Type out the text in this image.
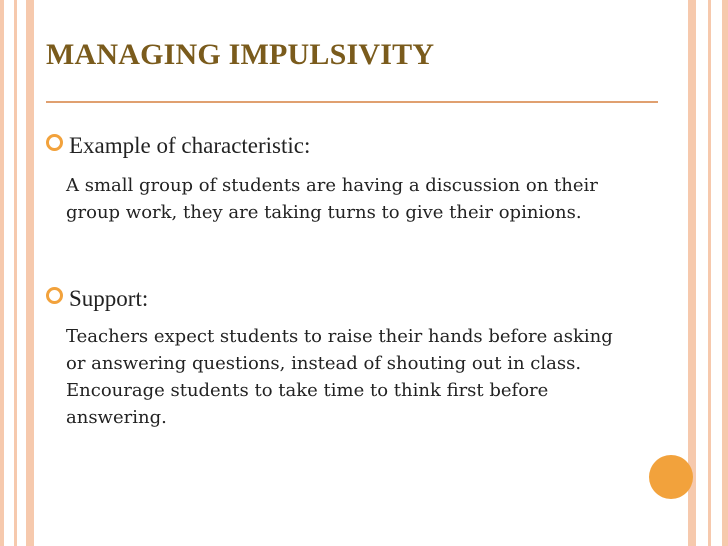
MANAGING IMPULSIVITY
Example of characteristic:
A small group of students are having a discussion on their group work, they are taking turns to give their opinions.
Support:
Teachers expect students to raise their hands before asking or answering questions, instead of shouting out in class. Encourage students to take time to think first before answering.
